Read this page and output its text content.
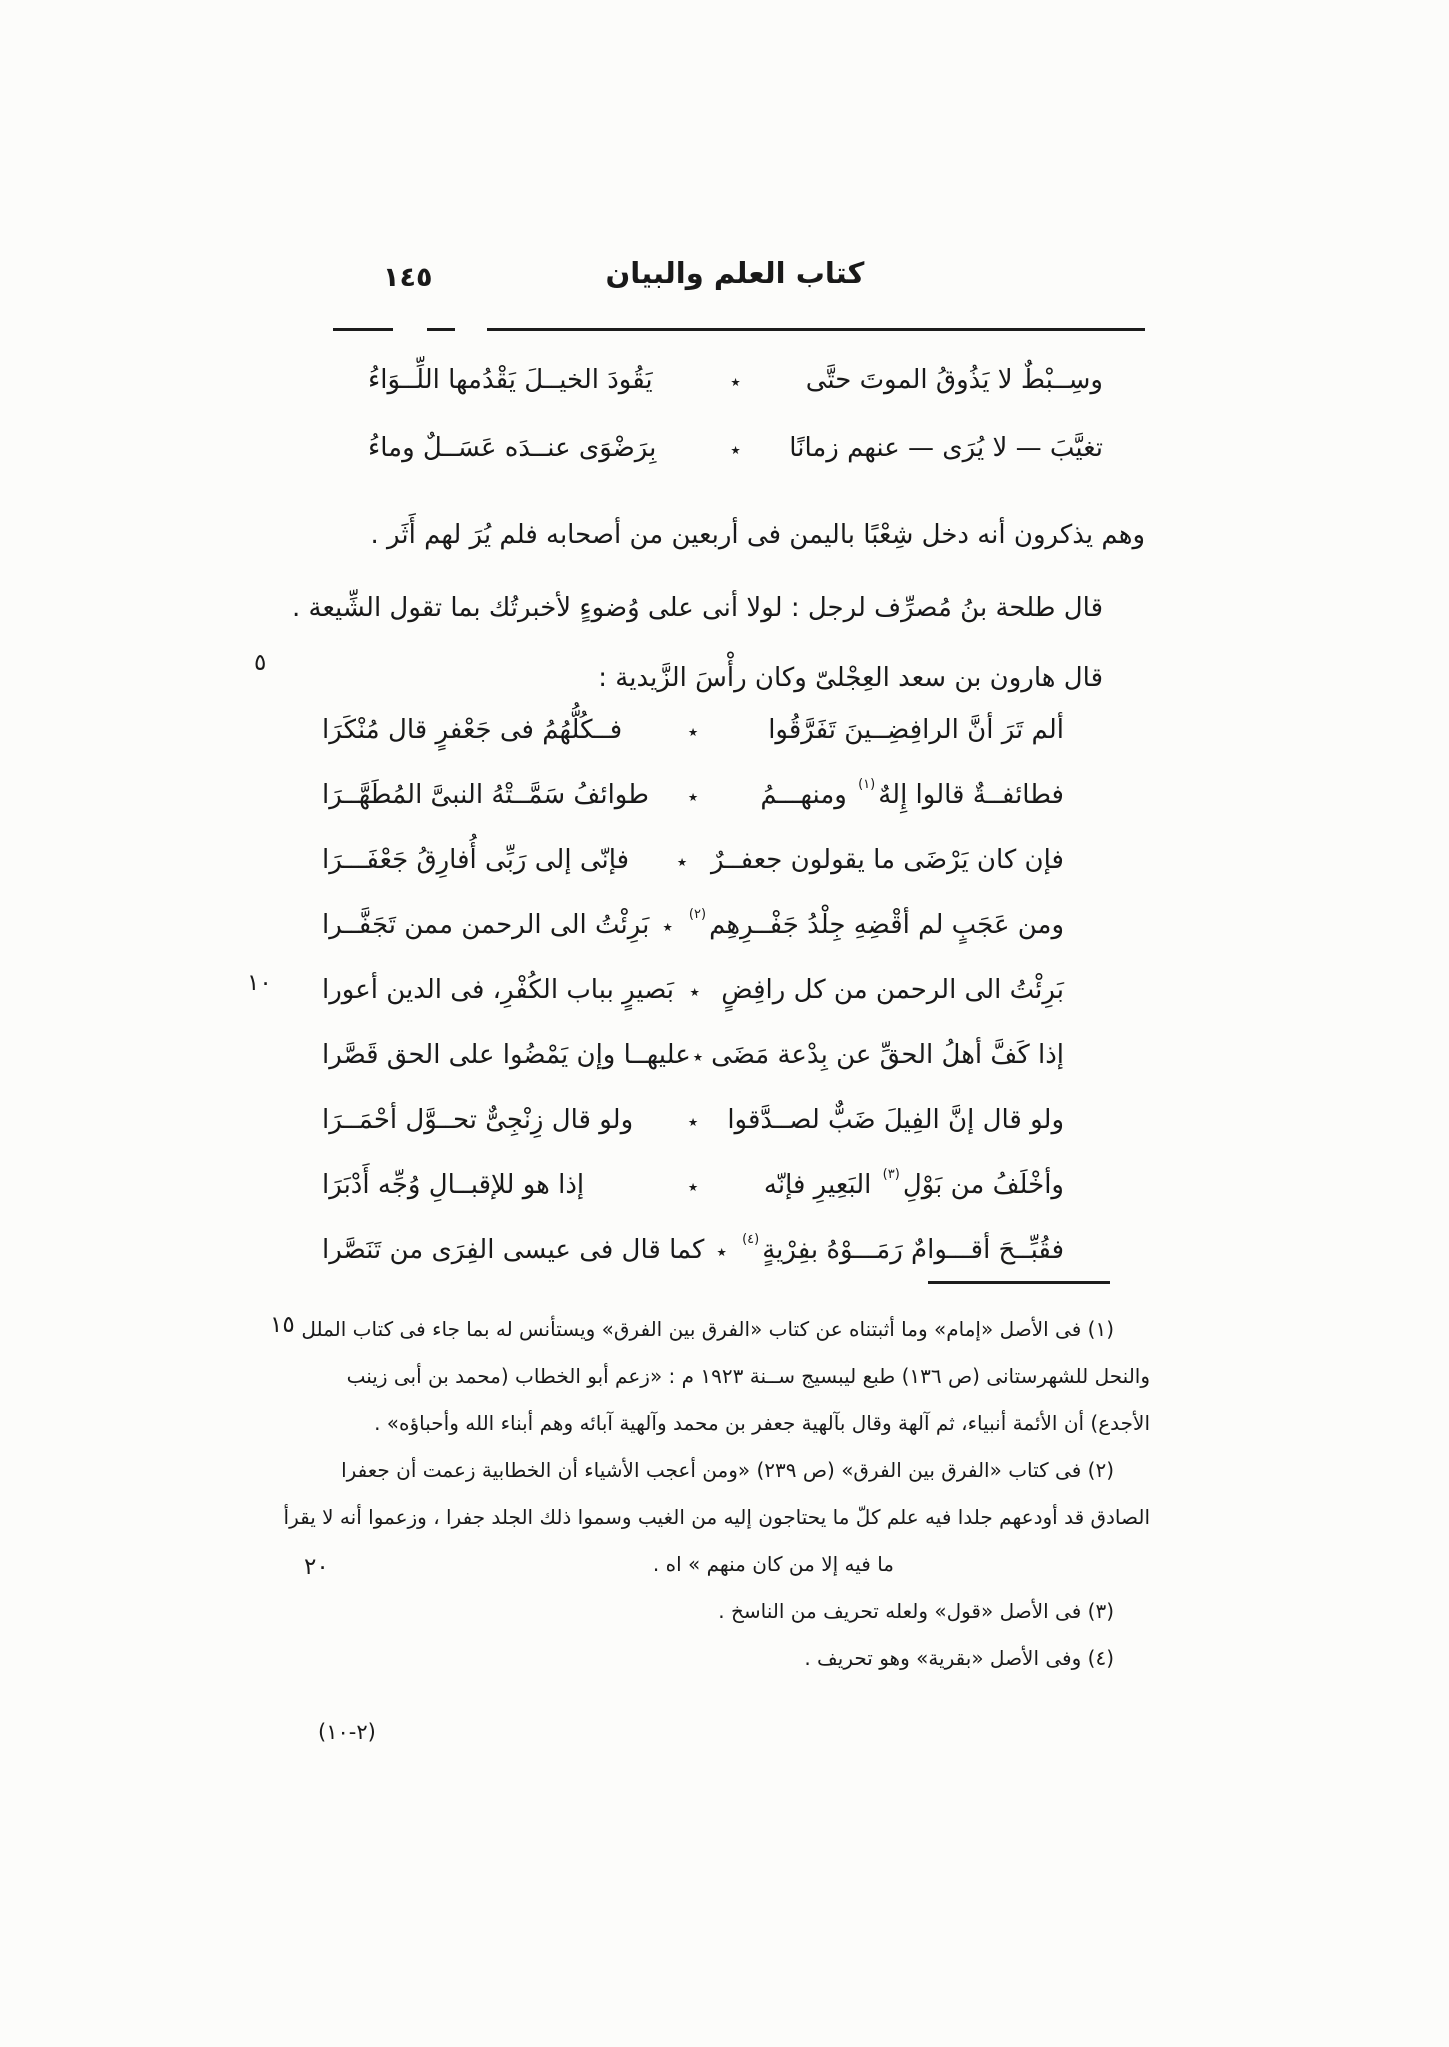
كتاب العلم والبيان
١٤٥
٥
١٠
١٥
٢٠
وسِــبْطٌ لا يَذُوقُ الموتَ حتَّى
٭
يَقُودَ الخيــلَ يَقْدُمها اللِّــوَاءُ
تغيَّبَ — لا يُرَى — عنهم زمانًا
٭
بِرَضْوَى عنــدَه عَسَــلٌ وماءُ
وهم يذكرون أنه دخل شِعْبًا باليمن فى أربعين من أصحابه فلم يُرَ لهم أَثَر .
قال طلحة بنُ مُصرِّف لرجل : لولا أنى على وُضوءٍ لأخبرتُك بما تقول الشِّيعة .
قال هارون بن سعد العِجْلىّ وكان رأْسَ الزَّيدية :
ألم تَرَ أنَّ الرافِضِــينَ تَفَرَّقُوا
٭
فــكُلُّهُمُ فى جَعْفرٍ قال مُنْكَرَا
فطائفــةٌ قالوا إِلهٌ$^{(١)}$ ومنهـــمُ
٭
طوائفُ سَمَّــتْهُ النبىَّ المُطَهَّــرَا
فإن كان يَرْضَى ما يقولون جعفــرٌ
٭
فإنّى إلى رَبِّى أُفارِقُ جَعْفَـــرَا
ومن عَجَبٍ لم أقْضِهِ جِلْدُ جَفْــرِهِم$^{(٢)}$
٭
بَرِئْتُ الى الرحمن ممن تَجَفَّــرا
بَرِئْتُ الى الرحمن من كل رافِضٍ
٭
بَصيرٍ بباب الكُفْرِ، فى الدين أعورا
إذا كَفَّ أهلُ الحقِّ عن بِدْعة مَضَى
٭
عليهــا وإن يَمْضُوا على الحق قَصَّرا
ولو قال إنَّ الفِيلَ ضَبٌّ لصــدَّقوا
٭
ولو قال زِنْجِىٌّ تحــوَّل أحْمَــرَا
وأخْلَفُ من بَوْلِ$^{(٣)}$ البَعِيرِ فإنّه
٭
إذا هو للإقبــالِ وُجِّه أَدْبَرَا
فقُبِّــحَ أقـــوامٌ رَمَـــوْهُ بفِرْيةٍ$^{(٤)}$
٭
كما قال فى عيسى الفِرَى من تَنَصَّرا
(١) فى الأصل «إمام» وما أثبتناه عن كتاب «الفرق بين الفرق» ويستأنس له بما جاء فى كتاب الملل
والنحل للشهرستانى (ص ١٣٦) طبع ليبسيج ســنة ١٩٢٣ م : «زعم أبو الخطاب (محمد بن أبى زينب
الأجدع) أن الأئمة أنبياء، ثم آلهة وقال بآلهية جعفر بن محمد وآلهية آبائه وهم أبناء الله وأحباؤه» .
(٢) فى كتاب «الفرق بين الفرق» (ص ٢٣٩) «ومن أعجب الأشياء أن الخطابية زعمت أن جعفرا
الصادق قد أودعهم جلدا فيه علم كلّ ما يحتاجون إليه من الغيب وسموا ذلك الجلد جفرا ، وزعموا أنه لا يقرأ
ما فيه إلا من كان منهم » اه .
(٣) فى الأصل «قول» ولعله تحريف من الناسخ .
(٤) وفى الأصل «بقرية» وهو تحريف .
(٢-١٠)
